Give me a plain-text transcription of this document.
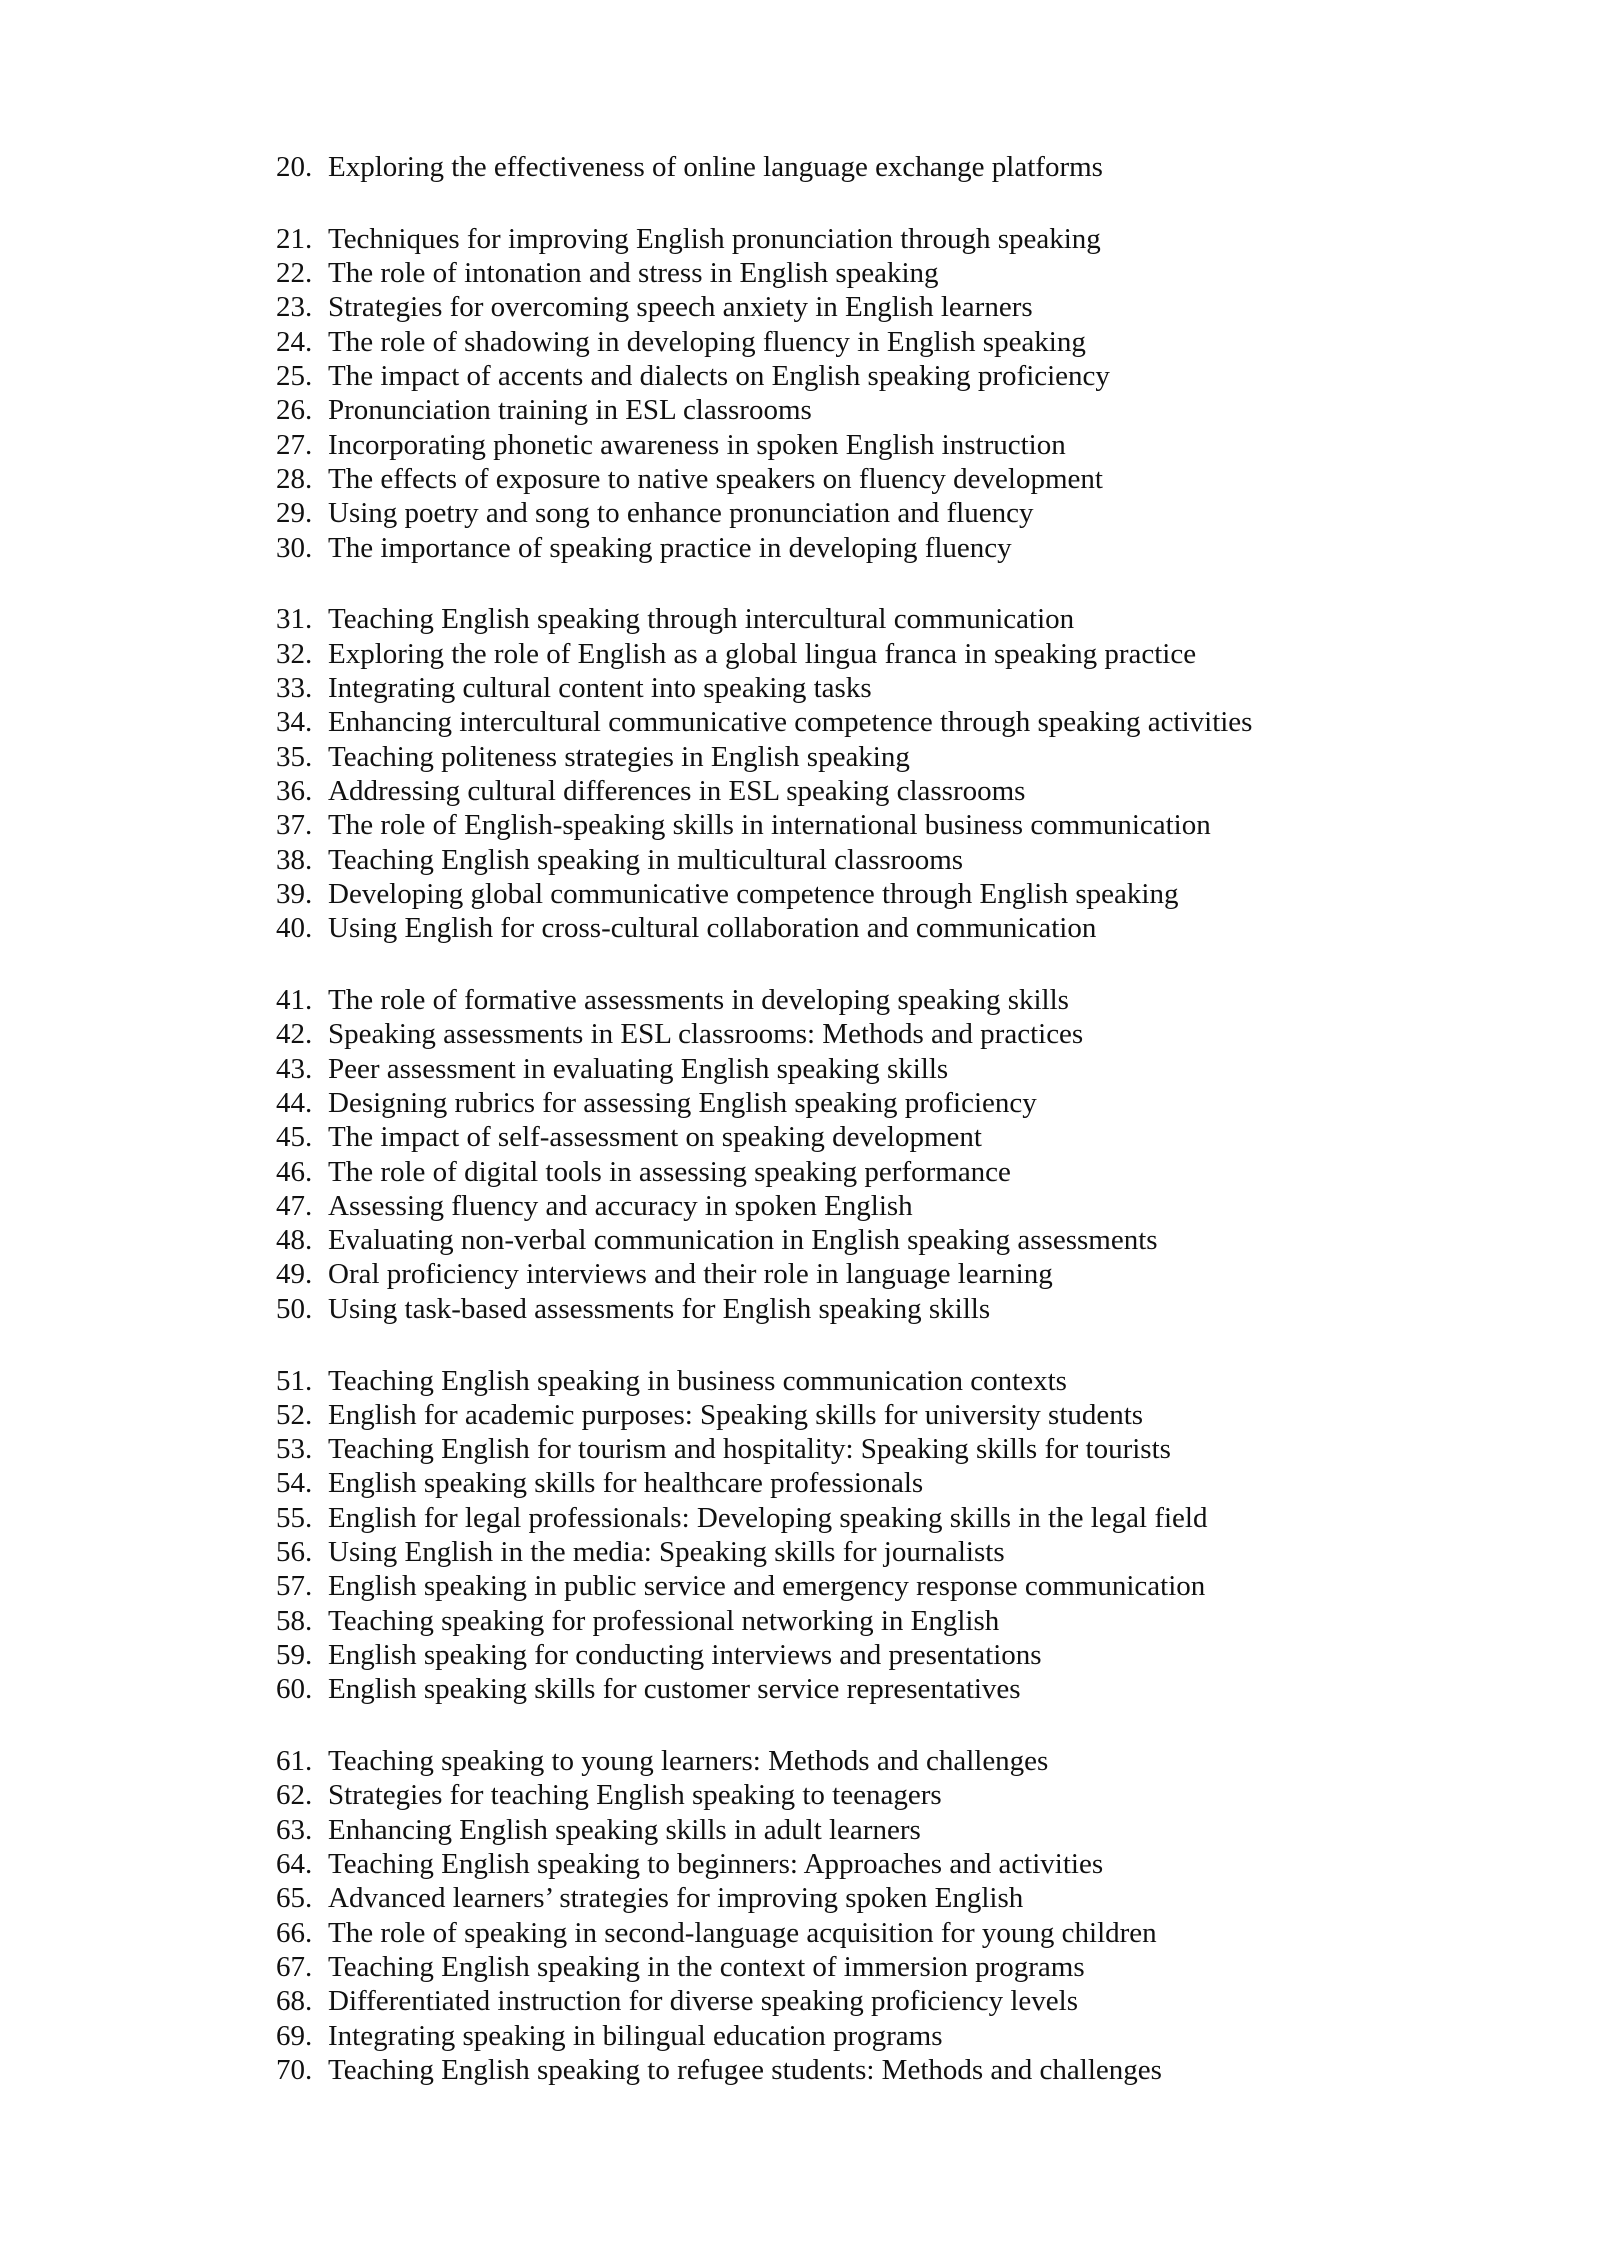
20. Exploring the effectiveness of online language exchange platforms
21. Techniques for improving English pronunciation through speaking
22. The role of intonation and stress in English speaking
23. Strategies for overcoming speech anxiety in English learners
24. The role of shadowing in developing fluency in English speaking
25. The impact of accents and dialects on English speaking proficiency
26. Pronunciation training in ESL classrooms
27. Incorporating phonetic awareness in spoken English instruction
28. The effects of exposure to native speakers on fluency development
29. Using poetry and song to enhance pronunciation and fluency
30. The importance of speaking practice in developing fluency
31. Teaching English speaking through intercultural communication
32. Exploring the role of English as a global lingua franca in speaking practice
33. Integrating cultural content into speaking tasks
34. Enhancing intercultural communicative competence through speaking activities
35. Teaching politeness strategies in English speaking
36. Addressing cultural differences in ESL speaking classrooms
37. The role of English-speaking skills in international business communication
38. Teaching English speaking in multicultural classrooms
39. Developing global communicative competence through English speaking
40. Using English for cross-cultural collaboration and communication
41. The role of formative assessments in developing speaking skills
42. Speaking assessments in ESL classrooms: Methods and practices
43. Peer assessment in evaluating English speaking skills
44. Designing rubrics for assessing English speaking proficiency
45. The impact of self-assessment on speaking development
46. The role of digital tools in assessing speaking performance
47. Assessing fluency and accuracy in spoken English
48. Evaluating non-verbal communication in English speaking assessments
49. Oral proficiency interviews and their role in language learning
50. Using task-based assessments for English speaking skills
51. Teaching English speaking in business communication contexts
52. English for academic purposes: Speaking skills for university students
53. Teaching English for tourism and hospitality: Speaking skills for tourists
54. English speaking skills for healthcare professionals
55. English for legal professionals: Developing speaking skills in the legal field
56. Using English in the media: Speaking skills for journalists
57. English speaking in public service and emergency response communication
58. Teaching speaking for professional networking in English
59. English speaking for conducting interviews and presentations
60. English speaking skills for customer service representatives
61. Teaching speaking to young learners: Methods and challenges
62. Strategies for teaching English speaking to teenagers
63. Enhancing English speaking skills in adult learners
64. Teaching English speaking to beginners: Approaches and activities
65. Advanced learners’ strategies for improving spoken English
66. The role of speaking in second-language acquisition for young children
67. Teaching English speaking in the context of immersion programs
68. Differentiated instruction for diverse speaking proficiency levels
69. Integrating speaking in bilingual education programs
70. Teaching English speaking to refugee students: Methods and challenges
